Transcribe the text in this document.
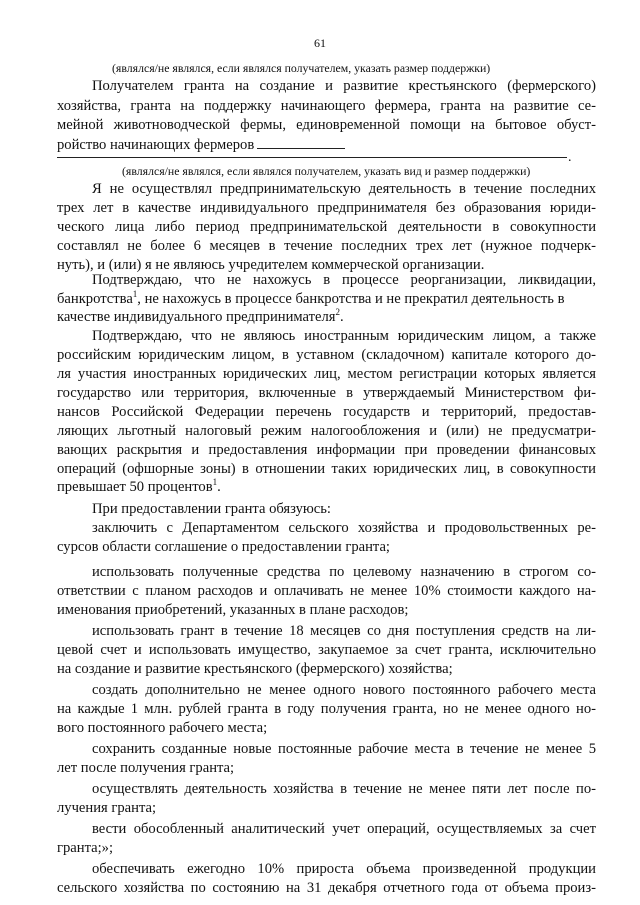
61
(являлся/не являлся, если являлся получателем, указать размер поддержки)
Получателем гранта на создание и развитие крестьянского (фермерского)
хозяйства, гранта на поддержку начинающего фермера, гранта на развитие се-
мейной животноводческой фермы, единовременной помощи на бытовое обуст-
ройство начинающих фермеров
.
(являлся/не являлся, если являлся получателем, указать вид и размер поддержки)
Я не осуществлял предпринимательскую деятельность в течение последних
трех лет в качестве индивидуального предпринимателя без образования юриди-
ческого лица либо период предпринимательской деятельности в совокупности
составлял не более 6 месяцев в течение последних трех лет (нужное подчерк-
нуть), и (или) я не являюсь учредителем коммерческой организации.
Подтверждаю, что не нахожусь в процессе реорганизации, ликвидации,
банкротства$^1$, не нахожусь в процессе банкротства и не прекратил деятельность в
качестве индивидуального предпринимателя$^2$.
Подтверждаю, что не являюсь иностранным юридическим лицом, а также
российским юридическим лицом, в уставном (складочном) капитале которого до-
ля участия иностранных юридических лиц, местом регистрации которых является
государство или территория, включенные в утверждаемый Министерством фи-
нансов Российской Федерации перечень государств и территорий, предостав-
ляющих льготный налоговый режим налогообложения и (или) не предусматри-
вающих раскрытия и предоставления информации при проведении финансовых
операций (офшорные зоны) в отношении таких юридических лиц, в совокупности
превышает 50 процентов$^1$.
При предоставлении гранта обязуюсь:
заключить с Департаментом сельского хозяйства и продовольственных ре-
сурсов области соглашение о предоставлении гранта;
использовать полученные средства по целевому назначению в строгом со-
ответствии с планом расходов и оплачивать не менее 10% стоимости каждого на-
именования приобретений, указанных в плане расходов;
использовать грант в течение 18 месяцев со дня поступления средств на ли-
цевой счет и использовать имущество, закупаемое за счет гранта, исключительно
на создание и развитие крестьянского (фермерского) хозяйства;
создать дополнительно не менее одного нового постоянного рабочего места
на каждые 1 млн. рублей гранта в году получения гранта, но не менее одного но-
вого постоянного рабочего места;
сохранить созданные новые постоянные рабочие места в течение не менее 5
лет после получения гранта;
осуществлять деятельность хозяйства в течение не менее пяти лет после по-
лучения гранта;
вести обособленный аналитический учет операций, осуществляемых за счет
гранта;»;
обеспечивать ежегодно 10% прироста объема произведенной продукции
сельского хозяйства по состоянию на 31 декабря отчетного года от объема произ-
